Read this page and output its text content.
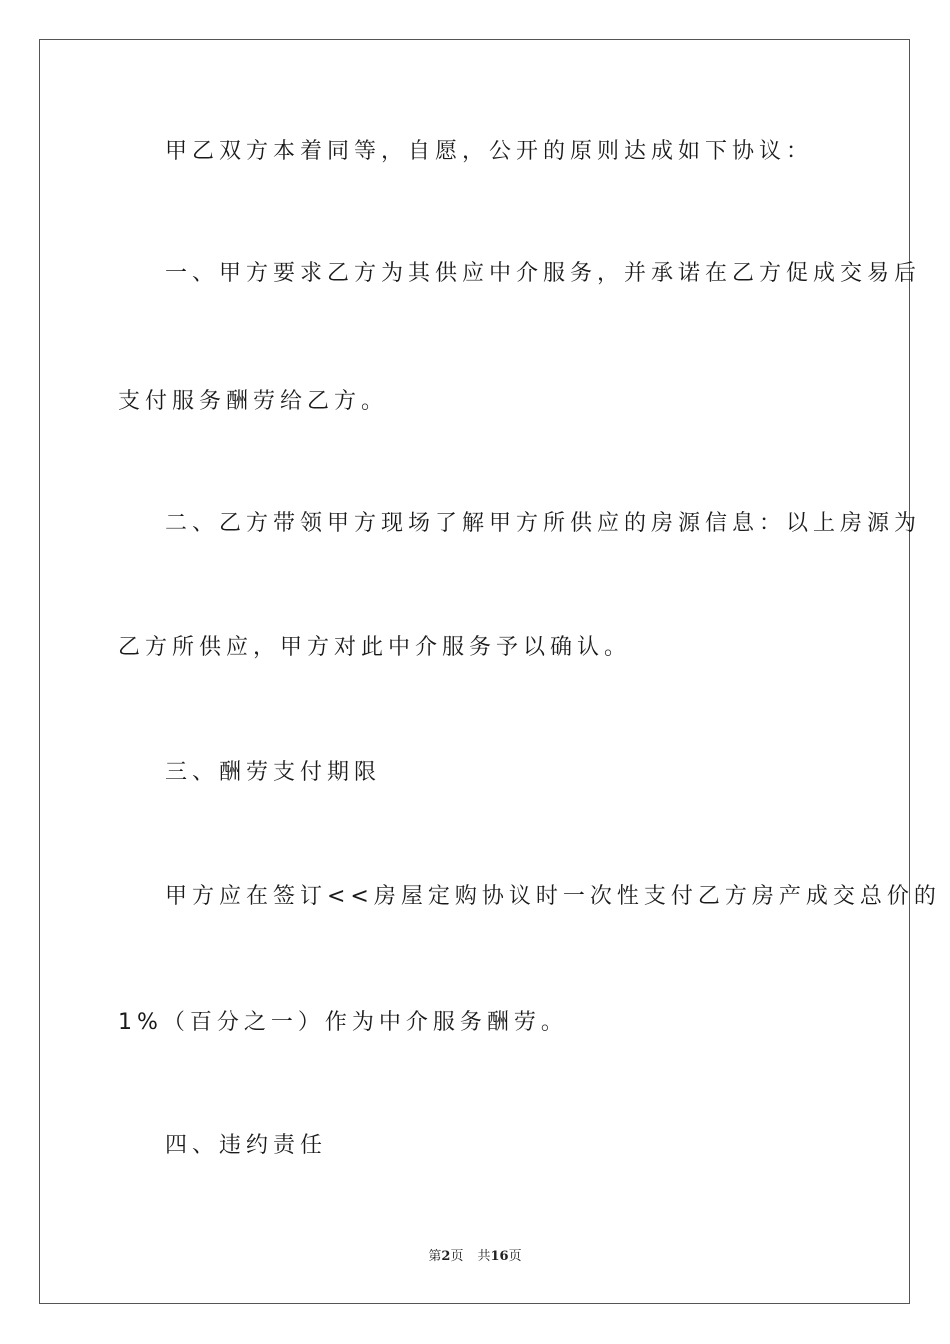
甲乙双方本着同等，自愿，公开的原则达成如下协议：
一、甲方要求乙方为其供应中介服务，并承诺在乙方促成交易后
支付服务酬劳给乙方。
二、乙方带领甲方现场了解甲方所供应的房源信息：以上房源为
乙方所供应，甲方对此中介服务予以确认。
三、酬劳支付期限
甲方应在签订<<房屋定购协议时一次性支付乙方房产成交总价的
1%（百分之一）作为中介服务酬劳。
四、违约责任
第2页 共16页
